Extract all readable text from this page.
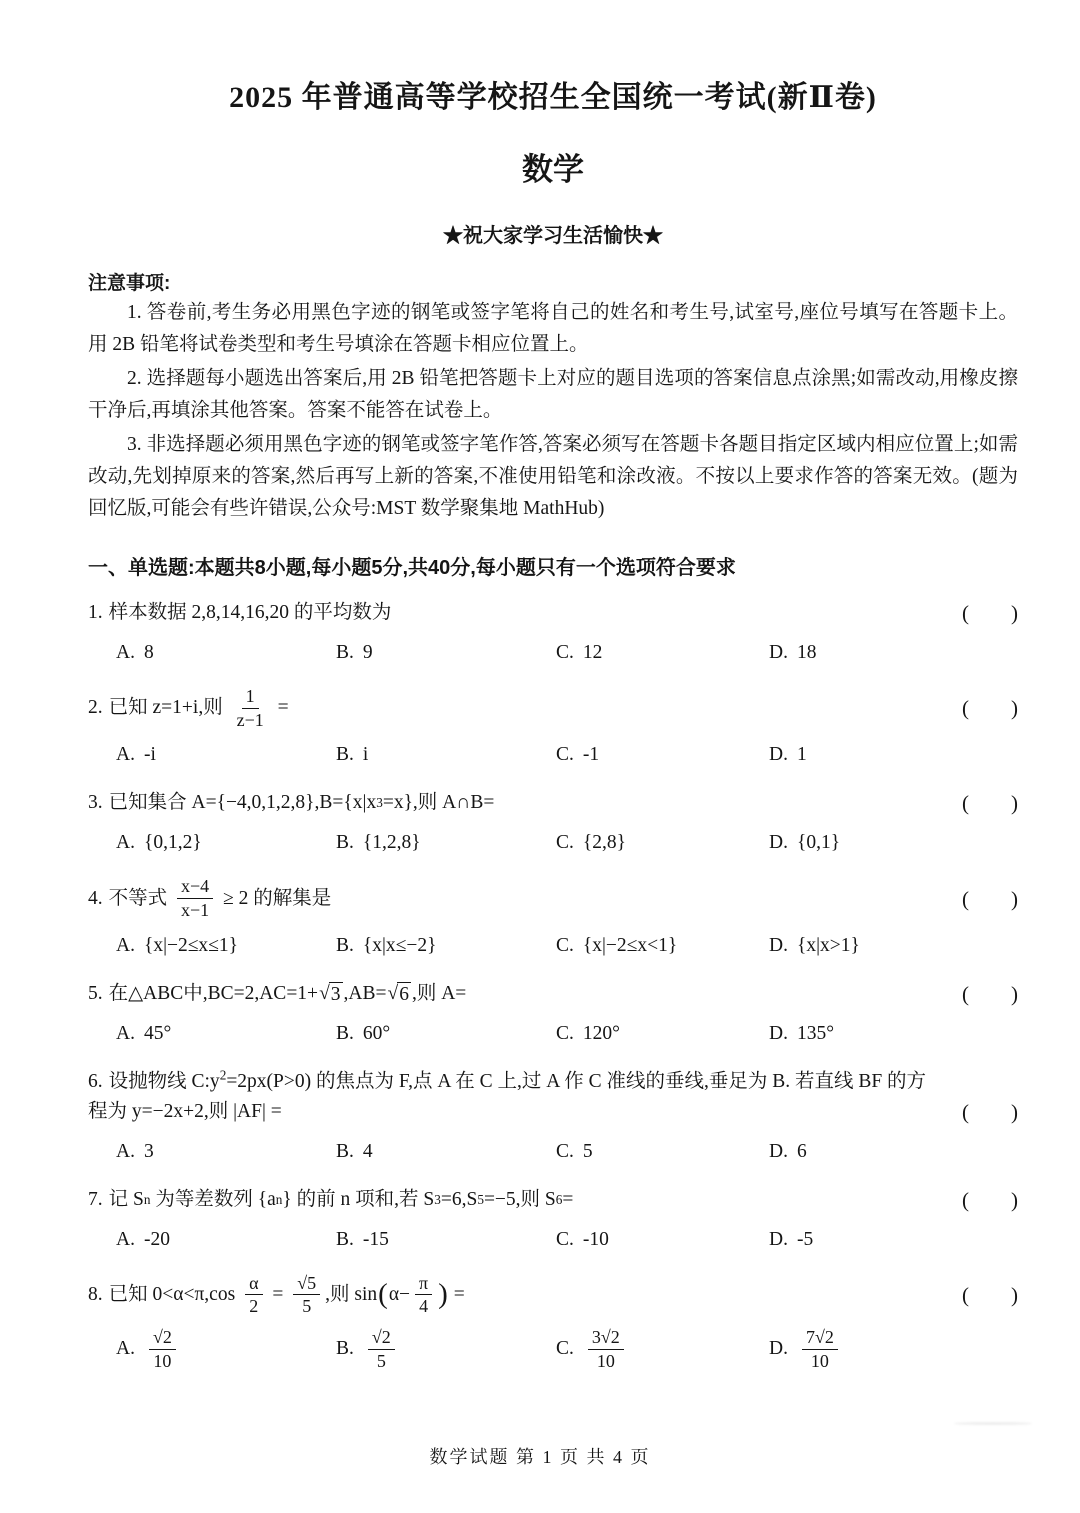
2025 年普通高等学校招生全国统一考试(新Ⅱ卷)
数学
★祝大家学习生活愉快★
注意事项:

1. 答卷前,考生务必用黑色字迹的钢笔或签字笔将自己的姓名和考生号,试室号,座位号填写在答题卡上。用 2B 铅笔将试卷类型和考生号填涂在答题卡相应位置上。

2. 选择题每小题选出答案后,用 2B 铅笔把答题卡上对应的题目选项的答案信息点涂黑;如需改动,用橡皮擦干净后,再填涂其他答案。答案不能答在试卷上。

3. 非选择题必须用黑色字迹的钢笔或签字笔作答,答案必须写在答题卡各题目指定区域内相应位置上;如需改动,先划掉原来的答案,然后再写上新的答案,不准使用铅笔和涂改液。不按以上要求作答的答案无效。(题为回忆版,可能会有些许错误,公众号:MST 数学聚集地 MathHub)

一、单选题:本题共8小题,每小题5分,共40分,每小题只有一个选项符合要求
1. 样本数据 2,8,14,16,20 的平均数为	(  )
A. 8	B. 9	C. 12	D. 18
2. 已知 z=1+i,则 $\frac{1}{z-1}$ =	(  )
A. -i	B. i	C. -1	D. 1
3. 已知集合 A={−4,0,1,2,8},B={x|x 3 =x},则 A∩B=	(  )
A. {0,1,2}	B. {1,2,8}	C. {2,8}	D. {0,1}
4. 不等式 $\frac{x-4}{x-1} \ge 2$ 的解集是	(  )
A. {x|−2≤x≤1}	B. {x|x≤−2}	C. {x|−2≤x<1}	D. {x|x>1}
5. 在△ABC中,BC=2,AC=1+ √ 3 ,AB= √ 6 ,则 A=	(  )
A. 45°	B. 60°	C. 120°	D. 135°
6. 设抛物线 $C:y^2=2px(P>0)$ 的焦点为 F,点 A 在 C 上,过 A 作 C 准线的垂线,垂足为 B. 若直线 BF 的方
程为 y=−2x+2,则 |AF| =	(  )
A. 3	B. 4	C. 5	D. 6
7. 记 S n 为等差数列 {a n } 的前 n 项和,若 S 3 =6,S 5 =−5,则 S 6 =	(  )
A. -20	B. -15	C. -10	D. -5
8. 已知 $0<\alpha<\pi,\cos \frac{\alpha}{2} = \frac{√5}{5}$ ,则 sin ( $\alpha- \frac{\pi}{4}$ ) =	(  )
A. $\frac{√2}{10}$	B. $\frac{√2}{5}$	C. $\frac{3√2}{10}$	D. $\frac{7√2}{10}$
数学试题 第 1 页 共 4 页
